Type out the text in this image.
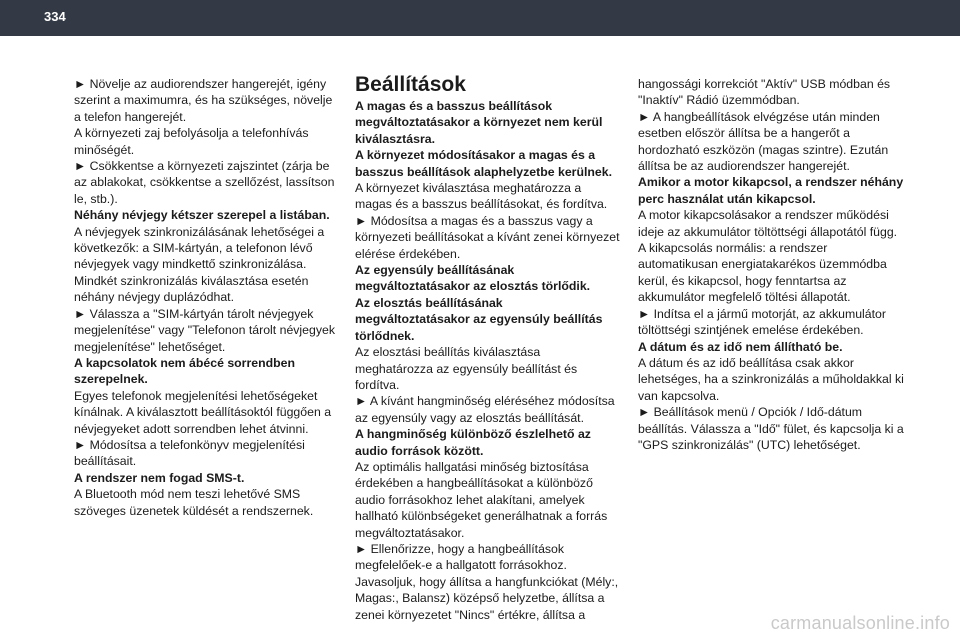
334

► Növelje az audiorendszer hangerejét, igény szerint a maximumra, és ha szükséges, növelje a telefon hangerejét.

A környezeti zaj befolyásolja a telefonhívás minőségét.

► Csökkentse a környezeti zajszintet (zárja be az ablakokat, csökkentse a szellőzést, lassítson le, stb.).

Néhány névjegy kétszer szerepel a listában.

A névjegyek szinkronizálásának lehetőségei a következők: a SIM-kártyán, a telefonon lévő névjegyek vagy mindkettő szinkronizálása. Mindkét szinkronizálás kiválasztása esetén néhány névjegy duplázódhat.

► Válassza a "SIM-kártyán tárolt névjegyek megjelenítése" vagy "Telefonon tárolt névjegyek megjelenítése" lehetőséget.

A kapcsolatok nem ábécé sorrendben szerepelnek.

Egyes telefonok megjelenítési lehetőségeket kínálnak. A kiválasztott beállításoktól függően a névjegyeket adott sorrendben lehet átvinni.

► Módosítsa a telefonkönyv megjelenítési beállításait.

A rendszer nem fogad SMS-t.

A Bluetooth mód nem teszi lehetővé SMS szöveges üzenetek küldését a rendszernek.

Beállítások

A magas és a basszus beállítások megváltoztatásakor a környezet nem kerül kiválasztásra.

A környezet módosításakor a magas és a basszus beállítások alaphelyzetbe kerülnek.

A környezet kiválasztása meghatározza a magas és a basszus beállításokat, és fordítva.

► Módosítsa a magas és a basszus vagy a környezeti beállításokat a kívánt zenei környezet elérése érdekében.

Az egyensúly beállításának megváltoztatásakor az elosztás törlődik.

Az elosztás beállításának megváltoztatásakor az egyensúly beállítás törlődnek.

Az elosztási beállítás kiválasztása meghatározza az egyensúly beállítást és fordítva.

► A kívánt hangminőség eléréséhez módosítsa az egyensúly vagy az elosztás beállítását.

A hangminőség különböző észlelhető az audio források között.

Az optimális hallgatási minőség biztosítása érdekében a hangbeállításokat a különböző audio forrásokhoz lehet alakítani, amelyek hallható különbségeket generálhatnak a forrás megváltoztatásakor.

► Ellenőrizze, hogy a hangbeállítások megfelelőek-e a hallgatott forrásokhoz. Javasoljuk, hogy állítsa a hangfunkciókat (Mély:, Magas:, Balansz) középső helyzetbe, állítsa a zenei környezetet "Nincs" értékre, állítsa a

hangossági korrekciót "Aktív" USB módban és "Inaktív" Rádió üzemmódban.

► A hangbeállítások elvégzése után minden esetben először állítsa be a hangerőt a hordozható eszközön (magas szintre). Ezután állítsa be az audiorendszer hangerejét.

Amikor a motor kikapcsol, a rendszer néhány perc használat után kikapcsol.

A motor kikapcsolásakor a rendszer működési ideje az akkumulátor töltöttségi állapotától függ. A kikapcsolás normális: a rendszer automatikusan energiatakarékos üzemmódba kerül, és kikapcsol, hogy fenntartsa az akkumulátor megfelelő töltési állapotát.

► Indítsa el a jármű motorját, az akkumulátor töltöttségi szintjének emelése érdekében.

A dátum és az idő nem állítható be.

A dátum és az idő beállítása csak akkor lehetséges, ha a szinkronizálás a műholdakkal ki van kapcsolva.

► Beállítások menü / Opciók / Idő-dátum beállítás. Válassza a "Idő" fület, és kapcsolja ki a "GPS szinkronizálás" (UTC) lehetőséget.

carmanualsonline.info
